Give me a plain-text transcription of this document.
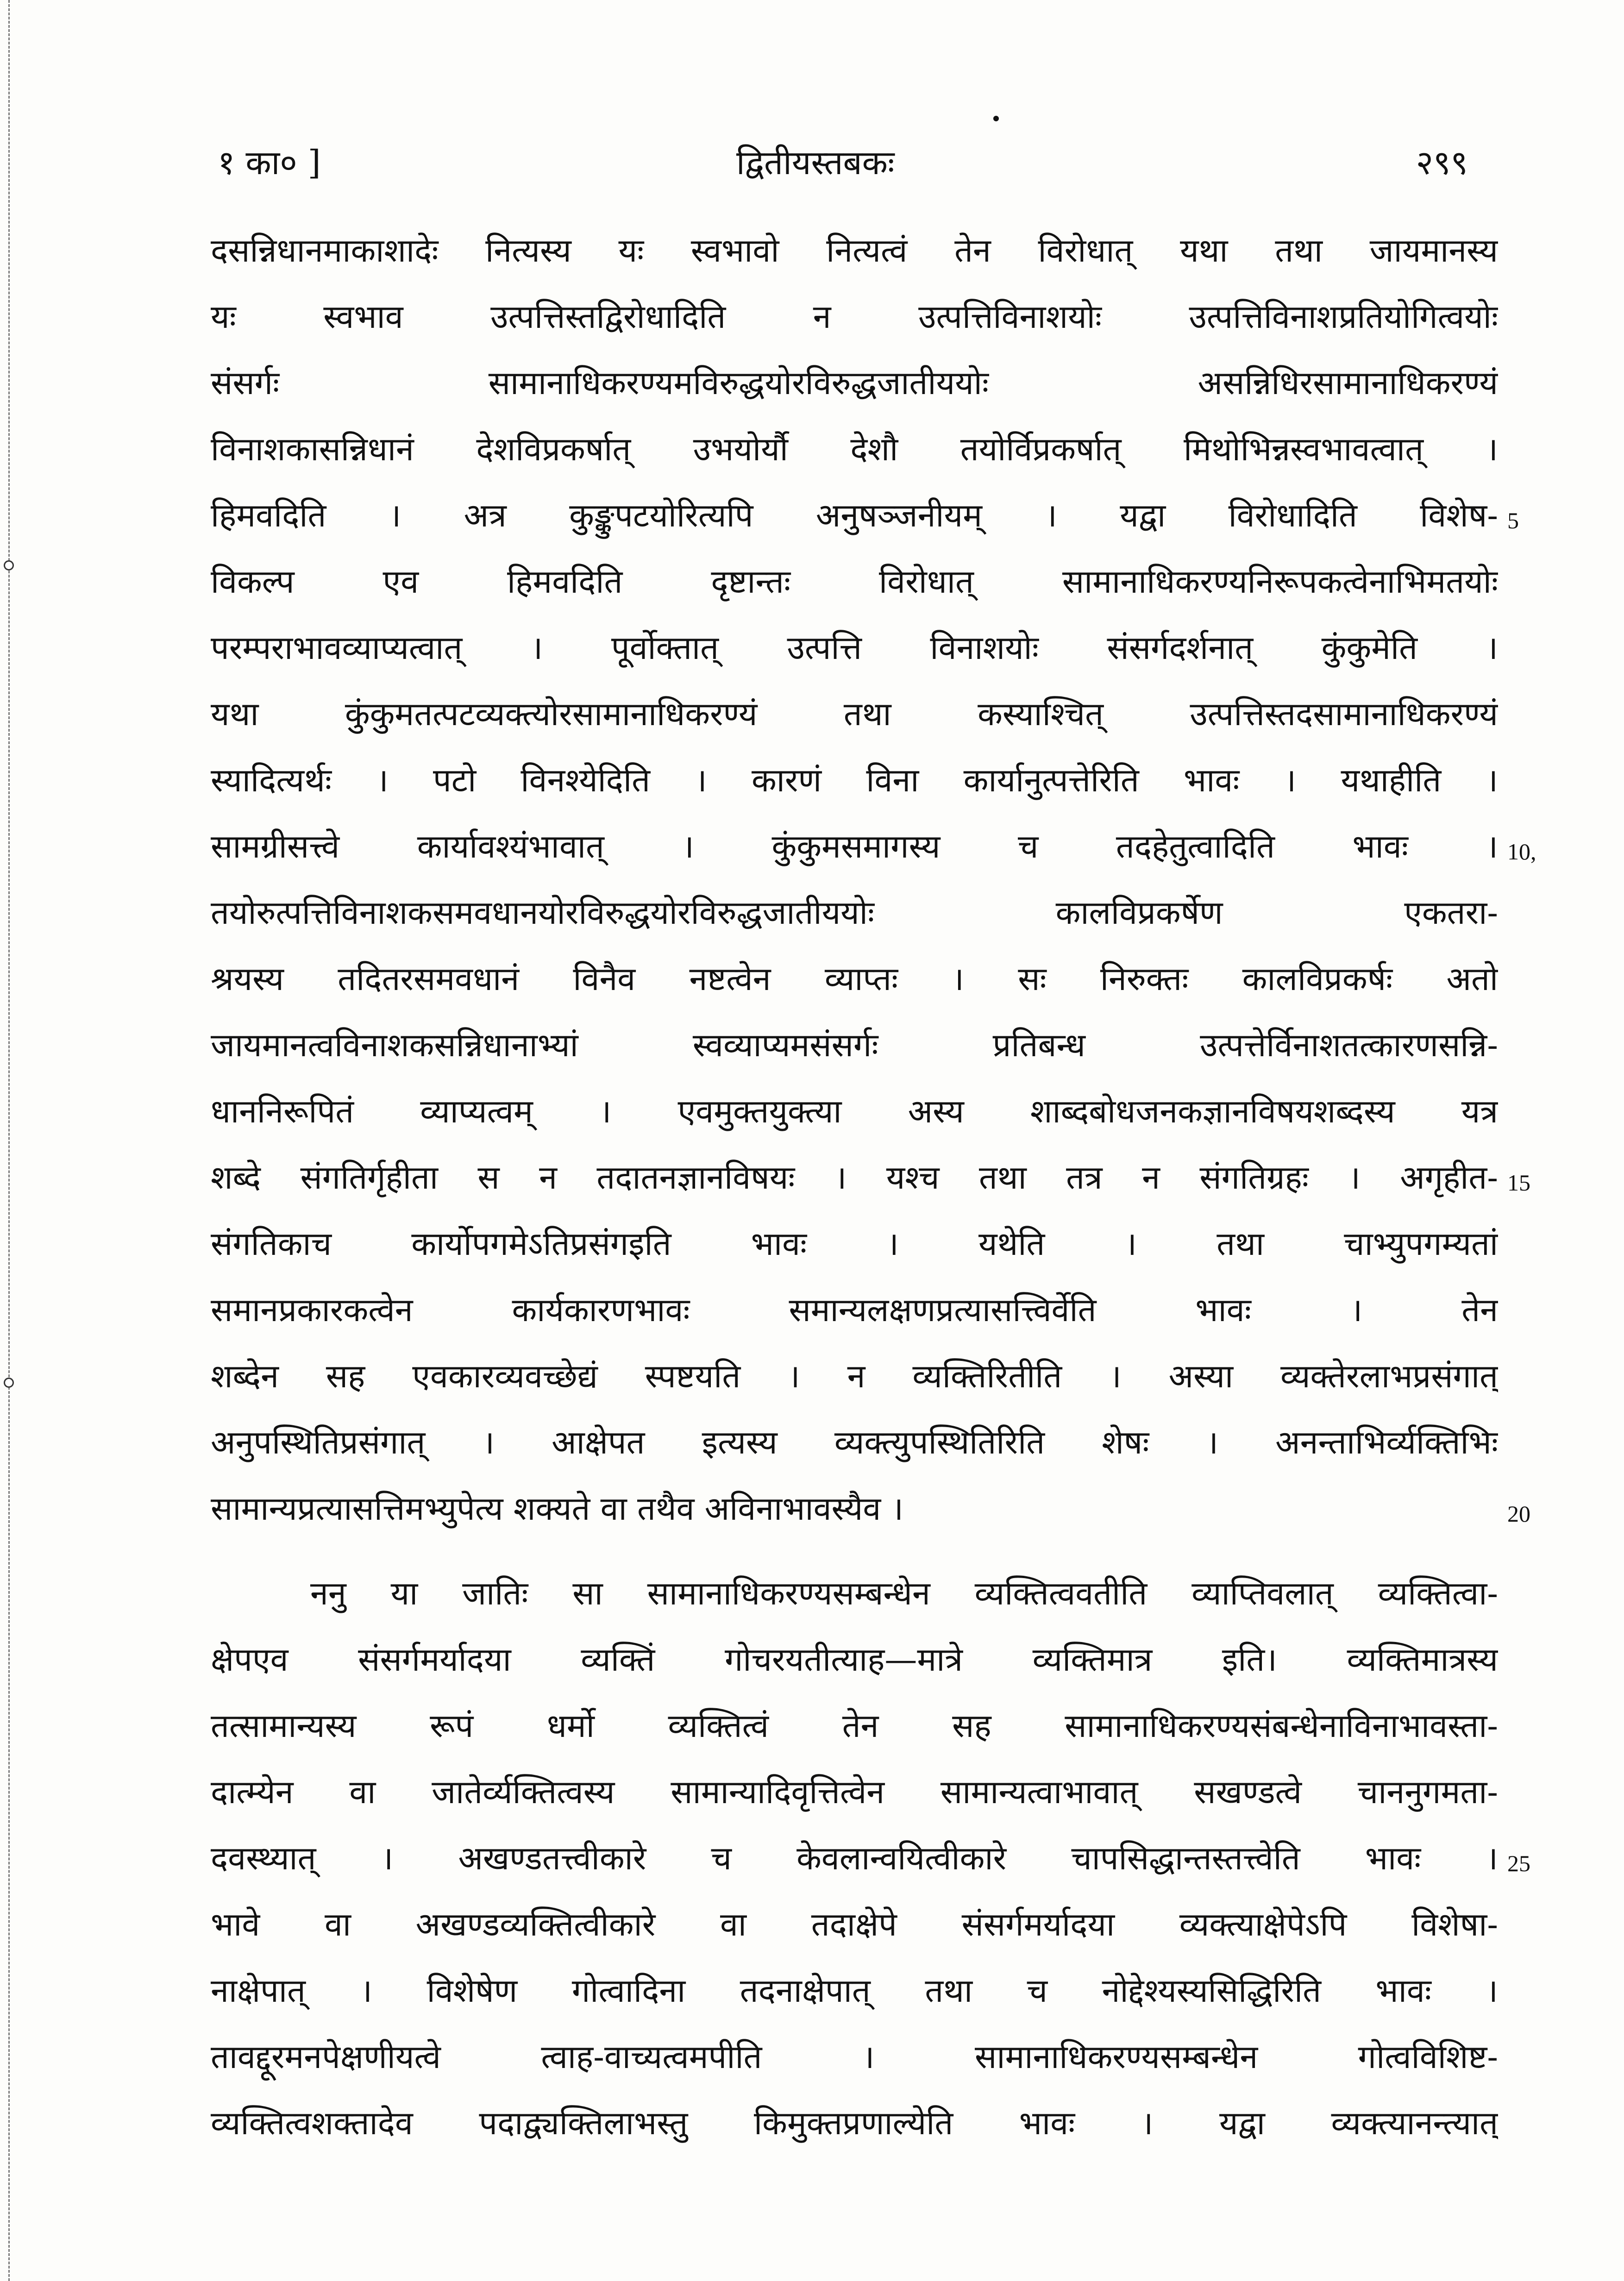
१ का० ]	द्वितीयस्तबकः	२९९
दसन्निधानमाकाशादेः नित्यस्य यः स्वभावो नित्यत्वं तेन विरोधात् यथा तथा जायमानस्य
यः स्वभाव उत्पत्तिस्तद्विरोधादिति न उत्पत्तिविनाशयोः उत्पत्तिविनाशप्रतियोगित्वयोः
संसर्गः सामानाधिकरण्यमविरुद्धयोरविरुद्धजातीययोः असन्निधिरसामानाधिकरण्यं
विनाशकासन्निधानं देशविप्रकर्षात् उभयोर्यौ देशौ तयोर्विप्रकर्षात् मिथोभिन्नस्वभावत्वात् ।
हिमवदिति । अत्र कुङ्कुपटयोरित्यपि अनुषञ्जनीयम् । यद्वा विरोधादिति विशेष-
विकल्प एव हिमवदिति दृष्टान्तः विरोधात् सामानाधिकरण्यनिरूपकत्वेनाभिमतयोः
परम्पराभावव्याप्यत्वात् । पूर्वोक्तात् उत्पत्ति विनाशयोः संसर्गदर्शनात् कुंकुमेति ।
यथा कुंकुमतत्पटव्यक्त्योरसामानाधिकरण्यं तथा कस्याश्चित् उत्पत्तिस्तदसामानाधिकरण्यं
स्यादित्यर्थः । पटो विनश्येदिति । कारणं विना कार्यानुत्पत्तेरिति भावः । यथाहीति ।
सामग्रीसत्त्वे कार्यावश्यंभावात् । कुंकुमसमागस्य च तदहेतुत्वादिति भावः ।
तयोरुत्पत्तिविनाशकसमवधानयोरविरुद्धयोरविरुद्धजातीययोः कालविप्रकर्षेण एकतरा-
श्रयस्य तदितरसमवधानं विनैव नष्टत्वेन व्याप्तः । सः निरुक्तः कालविप्रकर्षः अतो
जायमानत्वविनाशकसन्निधानाभ्यां स्वव्याप्यमसंसर्गः प्रतिबन्ध उत्पत्तेर्विनाशतत्कारणसन्नि-
धाननिरूपितं व्याप्यत्वम् । एवमुक्तयुक्त्या अस्य शाब्दबोधजनकज्ञानविषयशब्दस्य यत्र
शब्दे संगतिर्गृहीता स न तदातनज्ञानविषयः । यश्च तथा तत्र न संगतिग्रहः । अगृहीत-
संगतिकाच कार्योपगमेऽतिप्रसंगइति भावः । यथेति । तथा चाभ्युपगम्यतां
समानप्रकारकत्वेन कार्यकारणभावः समान्यलक्षणप्रत्यासत्त्विर्वेति भावः । तेन
शब्देन सह एवकारव्यवच्छेद्यं स्पष्टयति । न व्यक्तिरितीति । अस्या व्यक्तेरलाभप्रसंगात्
अनुपस्थितिप्रसंगात् । आक्षेपत इत्यस्य व्यक्त्युपस्थितिरिति शेषः । अनन्ताभिर्व्यक्तिभिः
सामान्यप्रत्यासत्तिमभ्युपेत्य शक्यते वा तथैव अविनाभावस्यैव ।
ननु या जातिः सा सामानाधिकरण्यसम्बन्धेन व्यक्तित्ववतीति व्याप्तिवलात् व्यक्तित्वा-
क्षेपएव संसर्गमर्यादया व्यक्तिं गोचरयतीत्याह—मात्रे व्यक्तिमात्र इति। व्यक्तिमात्रस्य
तत्सामान्यस्य रूपं धर्मो व्यक्तित्वं तेन सह सामानाधिकरण्यसंबन्धेनाविनाभावस्ता-
दात्म्येन वा जातेर्व्यक्तित्वस्य सामान्यादिवृत्तित्वेन सामान्यत्वाभावात् सखण्डत्वे चाननुगमता-
दवस्थ्यात् । अखण्डतत्त्वीकारे च केवलान्वयित्वीकारे चापसिद्धान्तस्तत्त्वेति भावः ।
भावे वा अखण्डव्यक्तित्वीकारे वा तदाक्षेपे संसर्गमर्यादया व्यक्त्याक्षेपेऽपि विशेषा-
नाक्षेपात् । विशेषेण गोत्वादिना तदनाक्षेपात् तथा च नोद्देश्यस्यसिद्धिरिति भावः ।
तावद्दूरमनपेक्षणीयत्वे त्वाह-वाच्यत्वमपीति । सामानाधिकरण्यसम्बन्धेन गोत्वविशिष्ट-
व्यक्तित्वशक्तादेव पदाद्व्यक्तिलाभस्तु किमुक्तप्रणाल्येति भावः । यद्वा व्यक्त्यानन्त्यात्
5
10,
15
20
25
